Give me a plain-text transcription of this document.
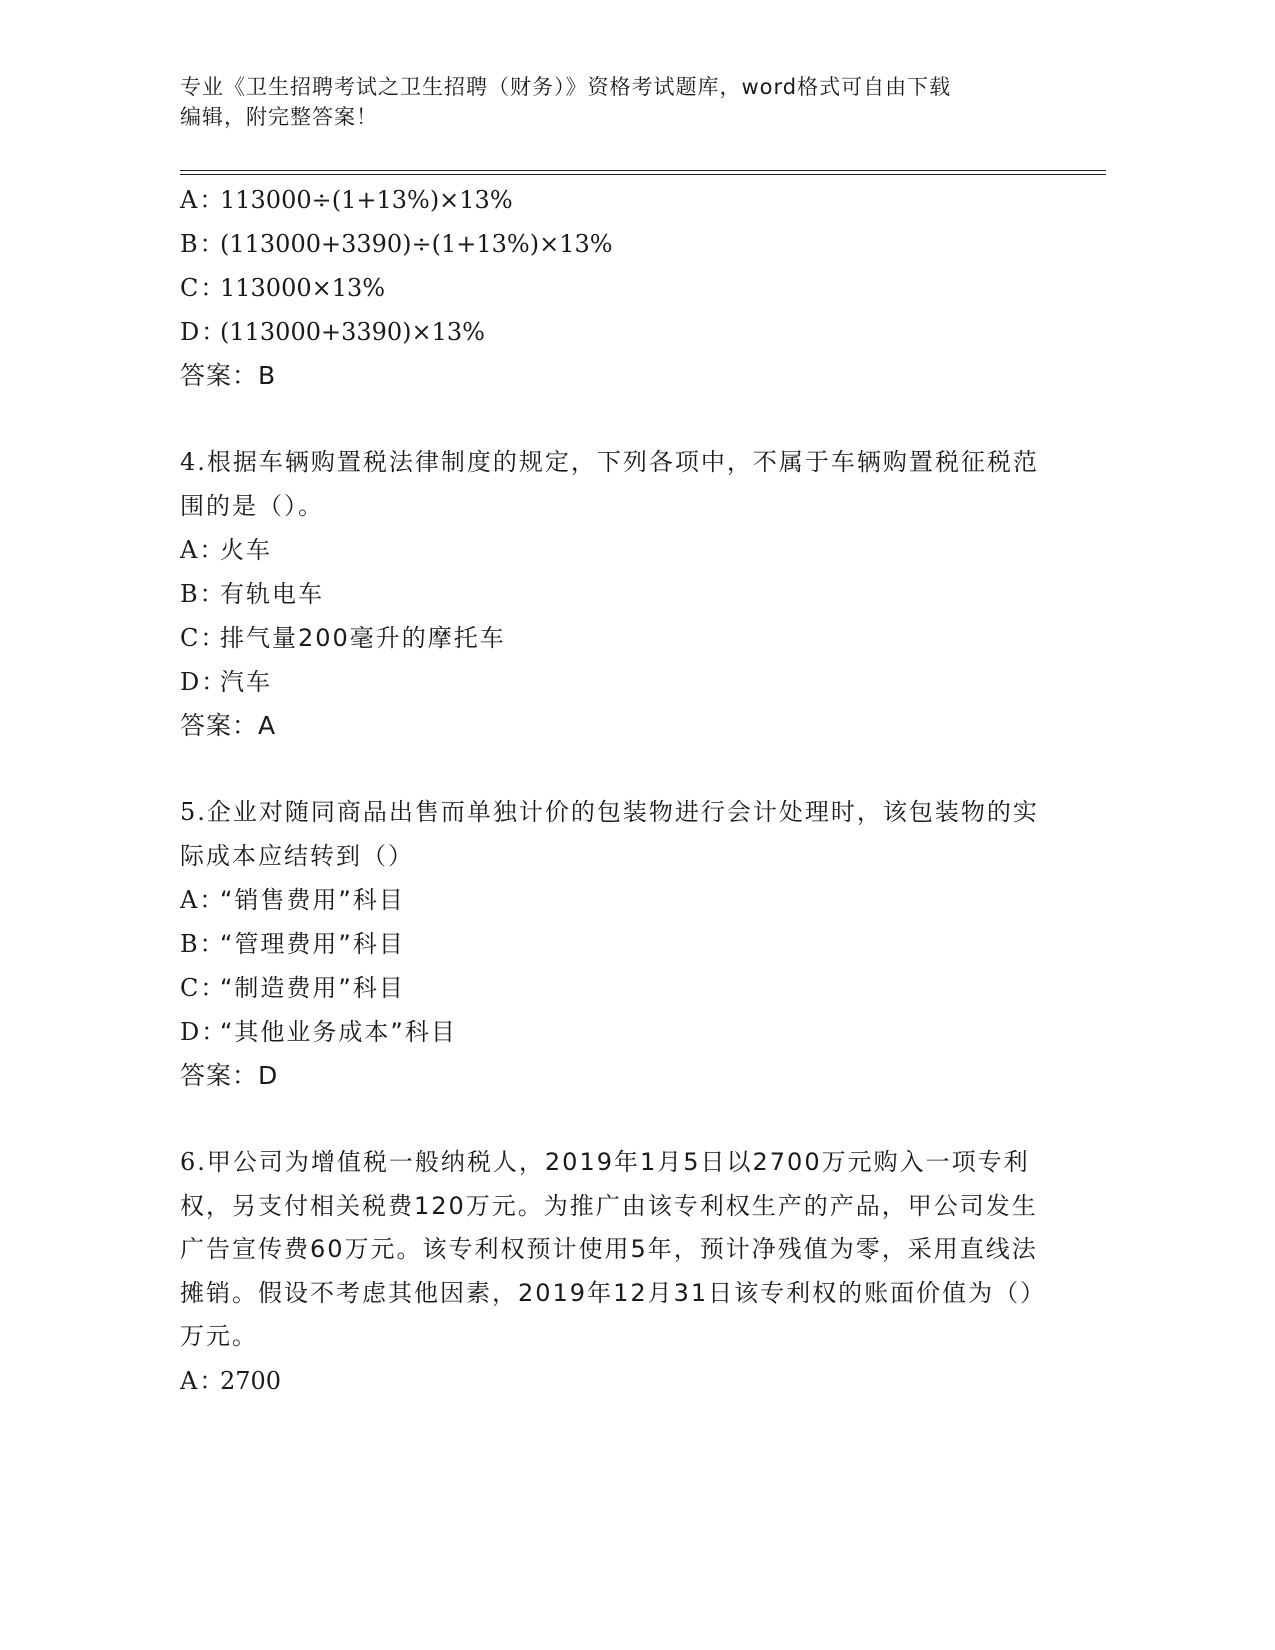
专业《卫生招聘考试之卫生招聘（财务）》资格考试题库，word格式可自由下载
编辑，附完整答案！
A：113000÷(1+13%)×13%
B：(113000+3390)÷(1+13%)×13%
C：113000×13%
D：(113000+3390)×13%
答案：B
4.根据车辆购置税法律制度的规定，下列各项中，不属于车辆购置税征税范围的是（）。
A：火车
B：有轨电车
C：排气量200毫升的摩托车
D：汽车
答案：A
5.企业对随同商品出售而单独计价的包装物进行会计处理时，该包装物的实际成本应结转到（）
A：“销售费用”科目
B：“管理费用”科目
C：“制造费用”科目
D：“其他业务成本”科目
答案：D
6.甲公司为增值税一般纳税人，2019年1月5日以2700万元购入一项专利权，另支付相关税费120万元。为推广由该专利权生产的产品，甲公司发生广告宣传费60万元。该专利权预计使用5年，预计净残值为零，采用直线法摊销。假设不考虑其他因素，2019年12月31日该专利权的账面价值为（）万元。
A：2700
